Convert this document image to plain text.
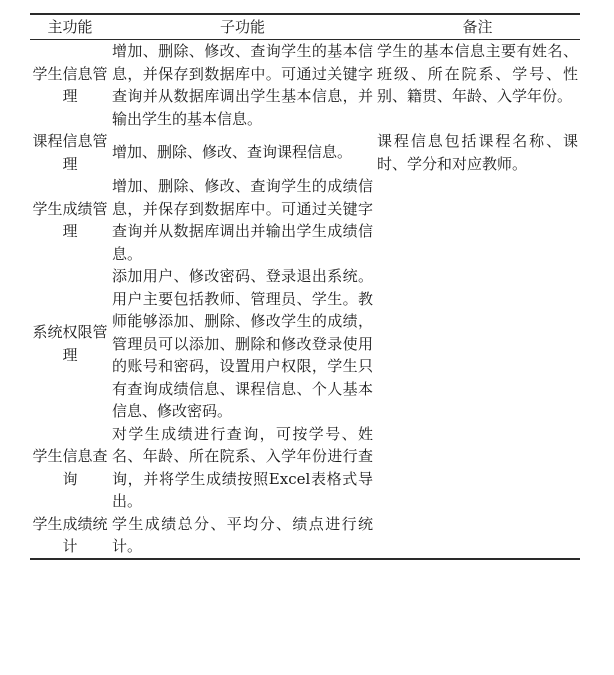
主功能	子功能	备注
学生信息管理	增加、删除、修改、查询学生的基本信息，并保存到数据库中。可通过关键字查询并从数据库调出学生基本信息，并输出学生的基本信息。	学生的基本信息主要有姓名、班级、所在院系、学号、性别、籍贯、年龄、入学年份。
课程信息管理	增加、删除、修改、查询课程信息。	课程信息包括课程名称、课时、学分和对应教师。
学生成绩管理	增加、删除、修改、查询学生的成绩信息，并保存到数据库中。可通过关键字查询并从数据库调出并输出学生成绩信息。	
系统权限管理	添加用户、修改密码、登录退出系统。用户主要包括教师、管理员、学生。教师能够添加、删除、修改学生的成绩，管理员可以添加、删除和修改登录使用的账号和密码，设置用户权限，学生只有查询成绩信息、课程信息、个人基本信息、修改密码。	
学生信息查询	对学生成绩进行查询，可按学号、姓名、年龄、所在院系、入学年份进行查询，并将学生成绩按照Excel表格式导出。	
学生成绩统计	学生成绩总分、平均分、绩点进行统计。	
